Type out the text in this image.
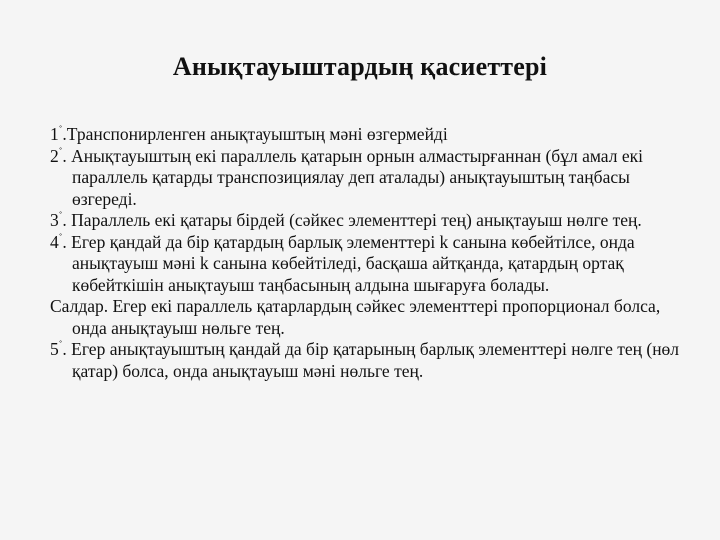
Анықтауыштардың қасиеттері

1˚.Транспонирленген анықтауыштың мәні өзгермейді

2˚. Анықтауыштың екі параллель қатарын орнын алмастырғаннан (бұл амал екі параллель қатарды транспозициялау деп аталады) анықтауыштың таңбасы өзгереді.

3˚. Параллель екі қатары бірдей (сәйкес элементтері тең) анықтауыш нөлге тең.

4˚. Егер қандай да бір қатардың барлық элементтері k санына көбейтілсе, онда анықтауыш мәні k санына көбейтіледі, басқаша айтқанда, қатардың ортақ көбейткішін анықтауыш таңбасының алдына шығаруға болады.

Салдар. Егер екі параллель қатарлардың сәйкес элементтері пропорционал болса, онда анықтауыш нөльге тең.

5˚. Егер анықтауыштың қандай да бір қатарының барлық элементтері нөлге тең (нөл қатар) болса, онда анықтауыш мәні нөльге тең.
